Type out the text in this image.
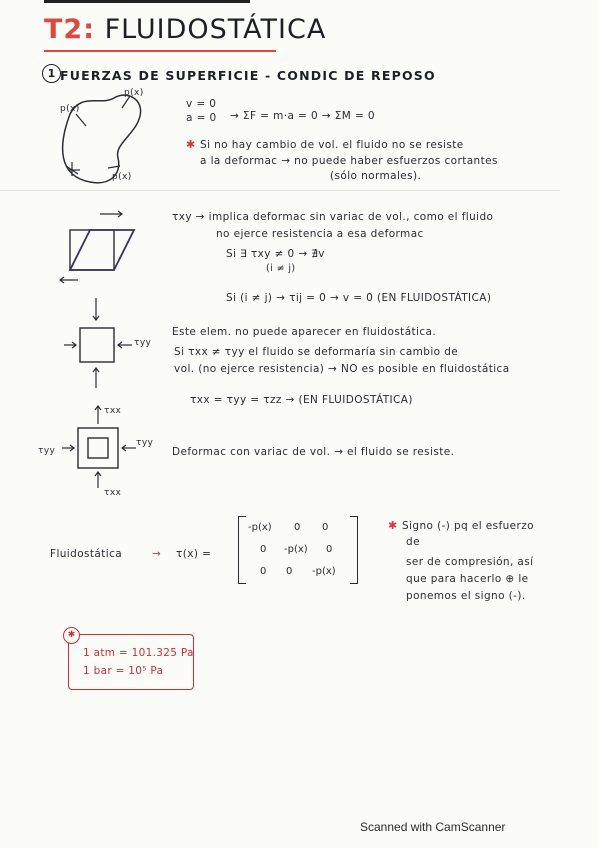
T2: FLUIDOSTÁTICA
1 FUERZAS DE SUPERFICIE - CONDIC DE REPOSO
p(x)
p(x)
p(x)
v = 0
a = 0 → ΣF = m·a = 0 → ΣM = 0
✱ Si no hay cambio de vol. el fluido no se resiste
a la deformac → no puede haber esfuerzos cortantes
(sólo normales).
τxy → implica deformac sin variac de vol., como el fluido
no ejerce resistencia a esa deformac
Si ∃ τxy ≠ 0 → ∄v
(i ≠ j)
Si (i ≠ j) → τij = 0 → v = 0 (EN FLUIDOSTÁTICA)
τyy
Este elem. no puede aparecer en fluidostática.
Si τxx ≠ τyy el fluido se deformaría sin cambio de
vol. (no ejerce resistencia) → NO es posible en fluidostática
τxx = τyy = τzz → (EN FLUIDOSTÁTICA)
τxx
τxx
τyy
τyy
Deformac con variac de vol. → el fluido se resiste.
Fluidostática	→ τ(x) =
-p(x) 0 0
0 -p(x) 0
0 0 -p(x)
✱ Signo (-) pq el esfuerzo
de
ser de compresión, así
que para hacerlo ⊕ le
ponemos el signo (-).
✱
1 atm = 101.325 Pa
1 bar = 10⁵ Pa
Scanned with CamScanner
